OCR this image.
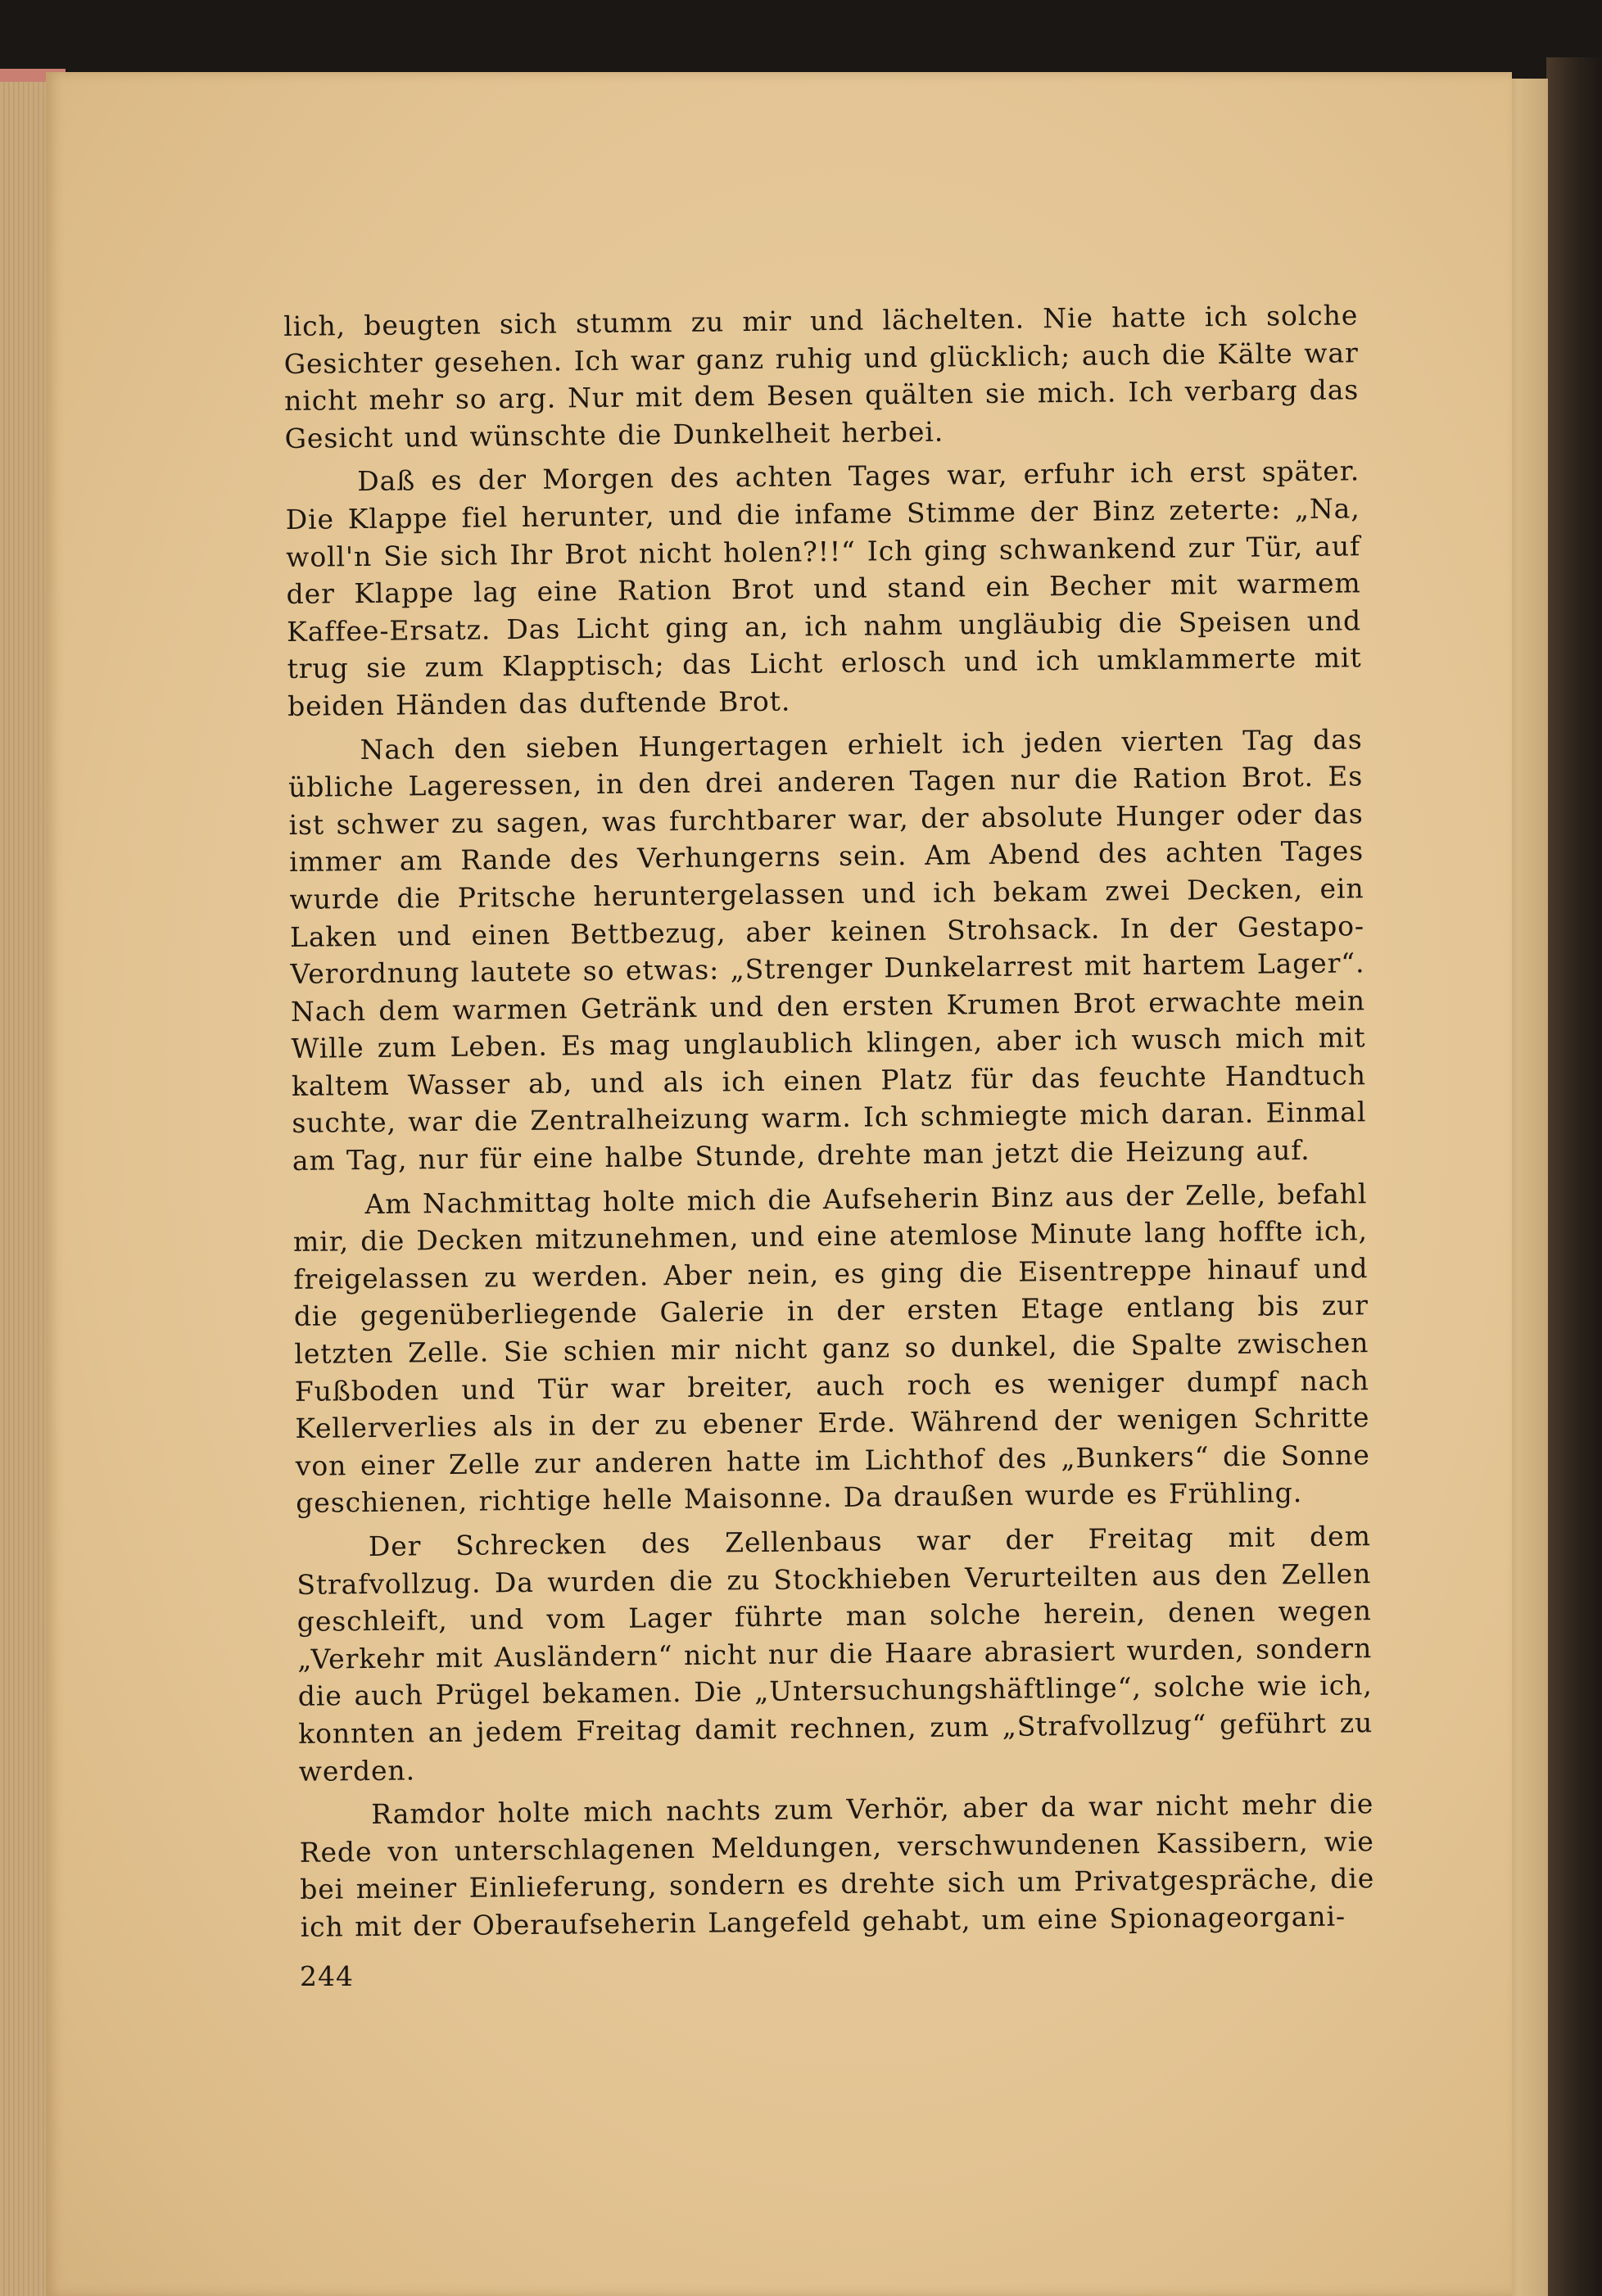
lich, beugten sich stumm zu mir und lächelten. Nie hatte ich solche Gesichter gesehen. Ich war ganz ruhig und glücklich; auch die Kälte war nicht mehr so arg. Nur mit dem Besen quälten sie mich. Ich verbarg das Gesicht und wünschte die Dunkelheit herbei.

Daß es der Morgen des achten Tages war, erfuhr ich erst später. Die Klappe fiel herunter, und die infame Stimme der Binz zeterte: „Na, woll'n Sie sich Ihr Brot nicht holen?!!“ Ich ging schwankend zur Tür, auf der Klappe lag eine Ration Brot und stand ein Becher mit warmem Kaffee-Ersatz. Das Licht ging an, ich nahm ungläubig die Speisen und trug sie zum Klapptisch; das Licht erlosch und ich umklammerte mit beiden Händen das duftende Brot.

Nach den sieben Hungertagen erhielt ich jeden vierten Tag das übliche Lageressen, in den drei anderen Tagen nur die Ration Brot. Es ist schwer zu sagen, was furchtbarer war, der absolute Hunger oder das immer am Rande des Verhungerns sein. Am Abend des achten Tages wurde die Pritsche heruntergelassen und ich bekam zwei Decken, ein Laken und einen Bettbezug, aber keinen Strohsack. In der Gestapo-Verordnung lautete so etwas: „Strenger Dunkelarrest mit hartem Lager“. Nach dem warmen Getränk und den ersten Krumen Brot erwachte mein Wille zum Leben. Es mag unglaublich klingen, aber ich wusch mich mit kaltem Wasser ab, und als ich einen Platz für das feuchte Handtuch suchte, war die Zentralheizung warm. Ich schmiegte mich daran. Einmal am Tag, nur für eine halbe Stunde, drehte man jetzt die Heizung auf.

Am Nachmittag holte mich die Aufseherin Binz aus der Zelle, befahl mir, die Decken mitzunehmen, und eine atemlose Minute lang hoffte ich, freigelassen zu werden. Aber nein, es ging die Eisentreppe hinauf und die gegenüberliegende Galerie in der ersten Etage entlang bis zur letzten Zelle. Sie schien mir nicht ganz so dunkel, die Spalte zwischen Fußboden und Tür war breiter, auch roch es weniger dumpf nach Kellerverlies als in der zu ebener Erde. Während der wenigen Schritte von einer Zelle zur anderen hatte im Lichthof des „Bunkers“ die Sonne geschienen, richtige helle Maisonne. Da draußen wurde es Frühling.

Der Schrecken des Zellenbaus war der Freitag mit dem Strafvollzug. Da wurden die zu Stockhieben Verurteilten aus den Zellen geschleift, und vom Lager führte man solche herein, denen wegen „Verkehr mit Ausländern“ nicht nur die Haare abrasiert wurden, sondern die auch Prügel bekamen. Die „Untersuchungshäftlinge“, solche wie ich, konnten an jedem Freitag damit rechnen, zum „Strafvollzug“ geführt zu werden.

Ramdor holte mich nachts zum Verhör, aber da war nicht mehr die Rede von unterschlagenen Meldungen, verschwundenen Kassibern, wie bei meiner Einlieferung, sondern es drehte sich um Privatgespräche, die ich mit der Oberaufseherin Langefeld gehabt, um eine Spionageorgani-

244
